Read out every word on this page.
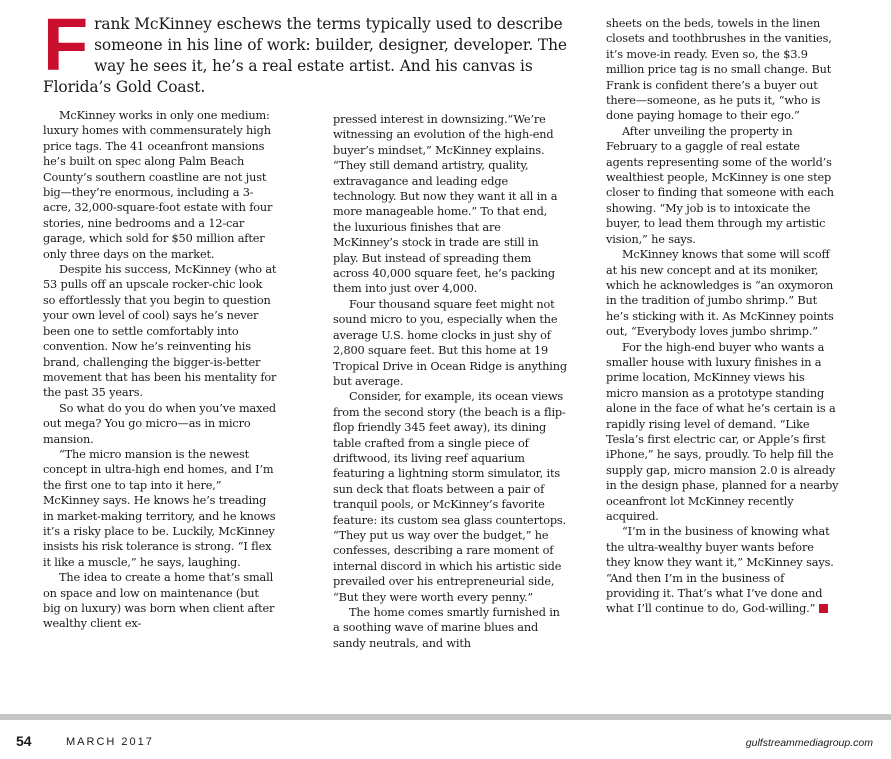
Frank McKinney eschews the terms typically used to describe someone in his line of work: builder, designer, developer. The way he sees it, he’s a real estate artist. And his canvas is Florida’s Gold Coast.

McKinney works in only one medium: luxury homes with commensurately high price tags. The 41 oceanfront mansions he’s built on spec along Palm Beach County’s southern coastline are not just big—they’re enormous, including a 3-acre, 32,000-square-foot estate with four stories, nine bedrooms and a 12-car garage, which sold for $50 million after only three days on the market.

Despite his success, McKinney (who at 53 pulls off an upscale rocker-chic look so effortlessly that you begin to question your own level of cool) says he’s never been one to settle comfortably into convention. Now he’s reinventing his brand, challenging the bigger-is-better movement that has been his mentality for the past 35 years.

So what do you do when you’ve maxed out mega? You go micro—as in micro mansion.

“The micro mansion is the newest concept in ultra-high end homes, and I’m the first one to tap into it here,” McKinney says. He knows he’s treading in market-making territory, and he knows it’s a risky place to be. Luckily, McKinney insists his risk tolerance is strong. “I flex it like a muscle,” he says, laughing.

The idea to create a home that’s small on space and low on maintenance (but big on luxury) was born when client after wealthy client ex-

pressed interest in downsizing.“We’re witnessing an evolution of the high-end buyer’s mindset,” McKinney explains. “They still demand artistry, quality, extravagance and leading edge technology. But now they want it all in a more manageable home.” To that end, the luxurious finishes that are McKinney’s stock in trade are still in play. But instead of spreading them across 40,000 square feet, he’s packing them into just over 4,000.

Four thousand square feet might not sound micro to you, especially when the average U.S. home clocks in just shy of 2,800 square feet. But this home at 19 Tropical Drive in Ocean Ridge is anything but average.

Consider, for example, its ocean views from the second story (the beach is a flip-flop friendly 345 feet away), its dining table crafted from a single piece of driftwood, its living reef aquarium featuring a lightning storm simulator, its sun deck that floats between a pair of tranquil pools, or McKinney’s favorite feature: its custom sea glass countertops. “They put us way over the budget,” he confesses, describing a rare moment of internal discord in which his artistic side prevailed over his entrepreneurial side, “But they were worth every penny.”

The home comes smartly furnished in a soothing wave of marine blues and sandy neutrals, and with

sheets on the beds, towels in the linen closets and toothbrushes in the vanities, it’s move-in ready. Even so, the $3.9 million price tag is no small change. But Frank is confident there’s a buyer out there—someone, as he puts it, “who is done paying homage to their ego.”

After unveiling the property in February to a gaggle of real estate agents representing some of the world’s wealthiest people, McKinney is one step closer to finding that someone with each showing. “My job is to intoxicate the buyer, to lead them through my artistic vision,” he says.

McKinney knows that some will scoff at his new concept and at its moniker, which he acknowledges is “an oxymoron in the tradition of jumbo shrimp.” But he’s sticking with it. As McKinney points out, “Everybody loves jumbo shrimp.”

For the high-end buyer who wants a smaller house with luxury finishes in a prime location, McKinney views his micro mansion as a prototype standing alone in the face of what he’s certain is a rapidly rising level of demand. “Like Tesla’s first electric car, or Apple’s first iPhone,” he says, proudly. To help fill the supply gap, micro mansion 2.0 is already in the design phase, planned for a nearby oceanfront lot McKinney recently acquired.

“I’m in the business of knowing what the ultra-wealthy buyer wants before they know they want it,” McKinney says. “And then I’m in the business of providing it. That’s what I’ve done and what I’ll continue to do, God-willing.”

54	MARCH 2017	gulfstreammediagroup.com
